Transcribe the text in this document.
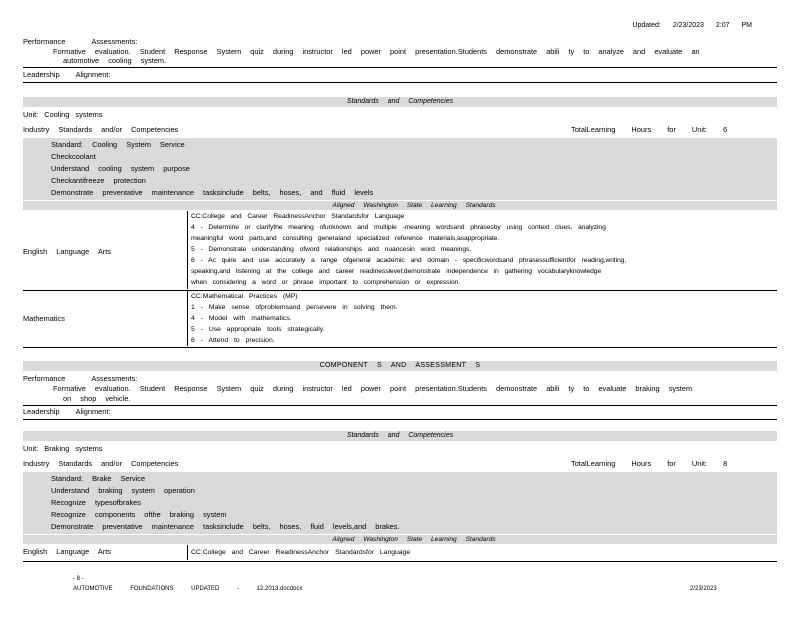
Updated: 2/23/2023 2:07 PM
Performance	Assessments:
Formative evaluation. Student Response System quiz during instructor led power point presentation.Students demonstrate abili ty to analyze and evaluate an
automotive cooling system.
Leadership Alignment:
Standards and Competencies
Unit: Cooling systems
Industry Standards and/or Competencies	TotalLearning Hours for Unit: 6
Standard: Cooling System Service
Checkcoolant
Understand cooling system purpose
Checkantifreeze protection
Demonstrate preventative maintenance tasksinclude belts, hoses, and fluid levels
Aligned Washington State Learning Standards
English Language Arts
CC:College and Career ReadinessAnchor Standardsfor Language
4 - Determine or clarifythe meaning ofunknown and multiple -meaning wordsand phrasesby using context clues, analyzing
meaningful word parts,and consulting generaland specialized reference materials,asappropriate.
5 - Demonstrate understanding ofword relationships and nuancesin word meanings.
6 - Ac quire and use accurately a range ofgeneral academic and domain - specificwordsand phrasessufficientfor reading,writing,
speaking,and listening at the college and career readinesslevel;demonstrate independence in gathering vocabularyknowledge
when considering a word or phrase important to comprehension or expression.
Mathematics
CC:Mathematical Practices (MP)
1 - Make sense ofproblemsand persevere in solving them.
4 - Model with mathematics.
5 - Use appropriate tools strategically.
6 - Attend to precision.
COMPONENT S AND ASSESSMENT S
Performance	Assessments:
Formative evaluation. Student Response System quiz during instructor led power point presentation.Students demonstrate abili ty to evaluate braking system
on shop vehicle.
Leadership Alignment:
Standards and Competencies
Unit: Braking systems
Industry Standards and/or Competencies	TotalLearning Hours for Unit: 8
Standard: Brake Service
Understand braking system operation
Recognize typesofbrakes
Recognize components ofthe braking system
Demonstrate preventative maintenance tasksinclude belts, hoses, fluid levels,and brakes.
Aligned Washington State Learning Standards
English Language Arts	CC:College and Career ReadinessAnchor Standardsfor Language
- 8 -
AUTOMOTIVE FOUNDATIONS UPDATED - 12.2013.docdocx	2/23/2023
